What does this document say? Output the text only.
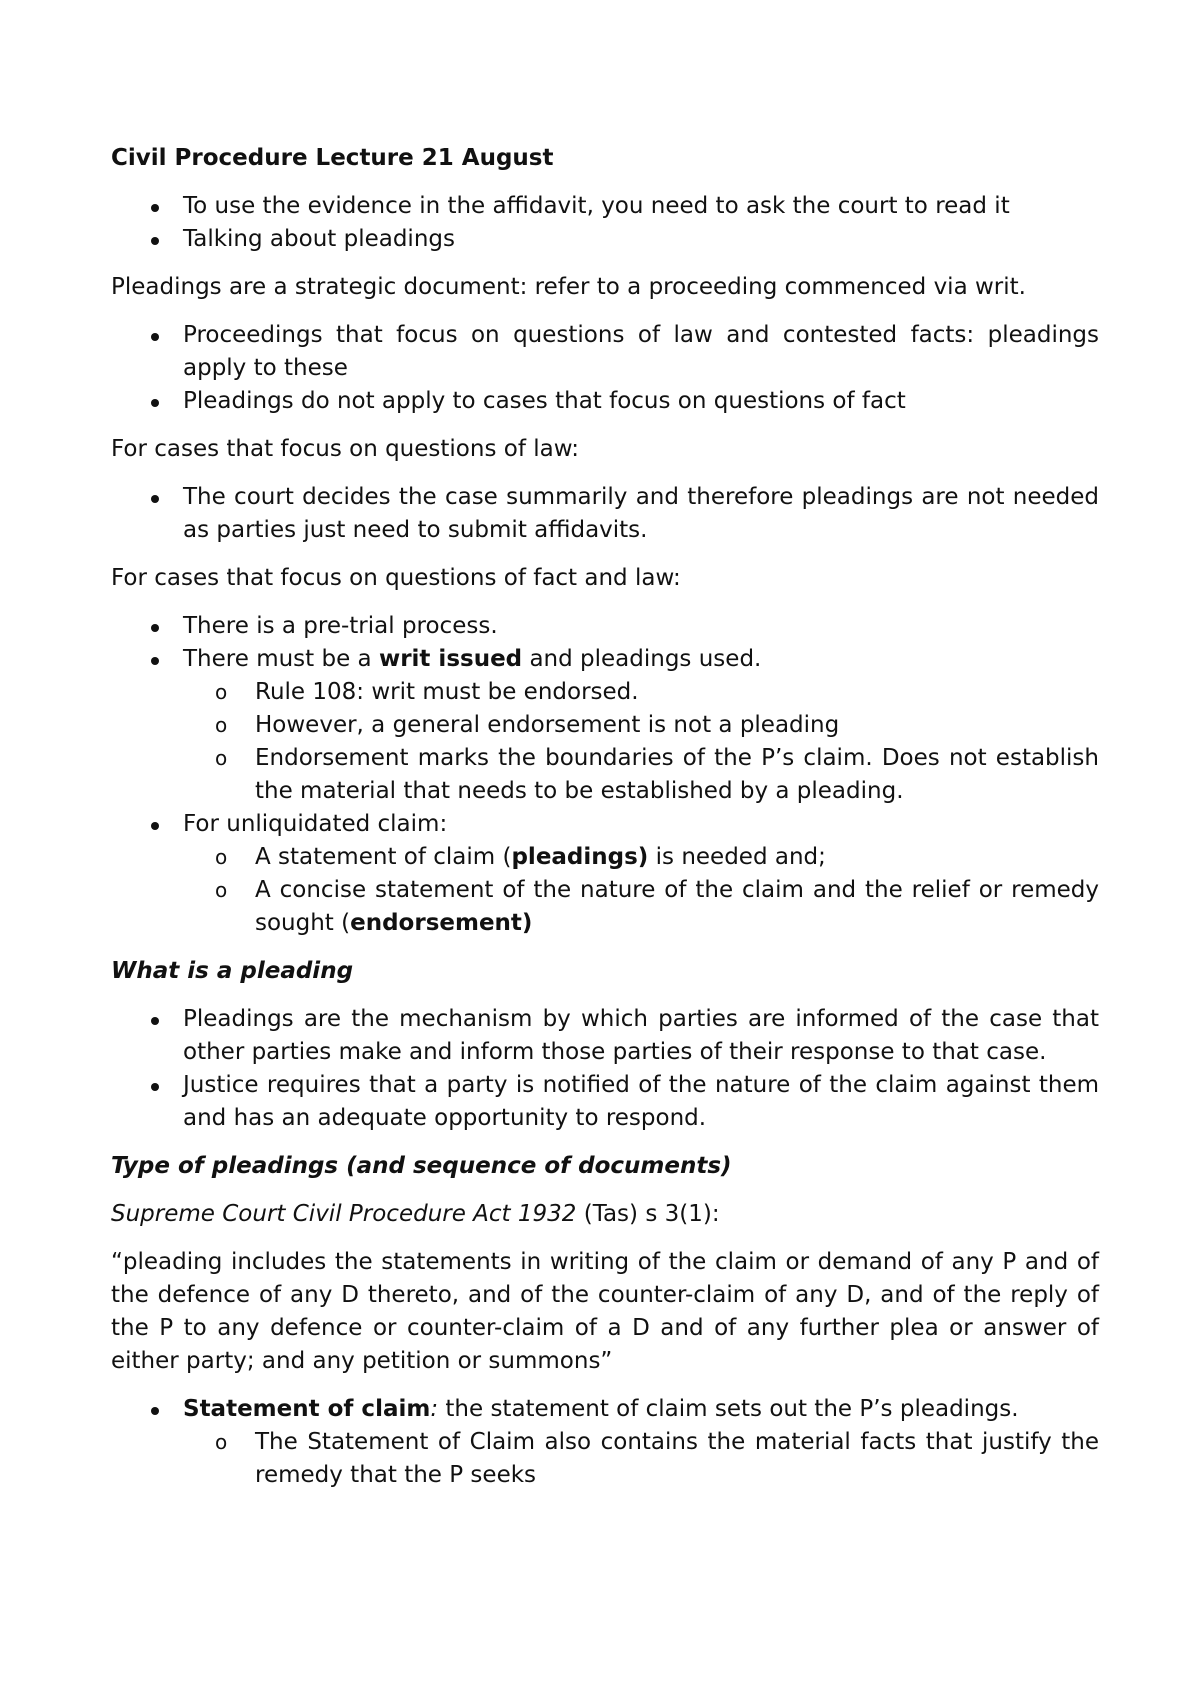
Civil Procedure Lecture 21 August
To use the evidence in the affidavit, you need to ask the court to read it
Talking about pleadings
Pleadings are a strategic document: refer to a proceeding commenced via writ.
Proceedings that focus on questions of law and contested facts: pleadings apply to these
Pleadings do not apply to cases that focus on questions of fact
For cases that focus on questions of law:
The court decides the case summarily and therefore pleadings are not needed as parties just need to submit affidavits.
For cases that focus on questions of fact and law:
There is a pre-trial process.
There must be a writ issued and pleadings used.
o Rule 108: writ must be endorsed.
o However, a general endorsement is not a pleading
o Endorsement marks the boundaries of the P’s claim. Does not establish the material that needs to be established by a pleading.
For unliquidated claim:
o A statement of claim (pleadings) is needed and;
o A concise statement of the nature of the claim and the relief or remedy sought (endorsement)
What is a pleading
Pleadings are the mechanism by which parties are informed of the case that other parties make and inform those parties of their response to that case.
Justice requires that a party is notified of the nature of the claim against them and has an adequate opportunity to respond.
Type of pleadings (and sequence of documents)
Supreme Court Civil Procedure Act 1932 (Tas) s 3(1):
“pleading includes the statements in writing of the claim or demand of any P and of the defence of any D thereto, and of the counter-claim of any D, and of the reply of the P to any defence or counter-claim of a D and of any further plea or answer of either party; and any petition or summons”
Statement of claim: the statement of claim sets out the P’s pleadings.
o The Statement of Claim also contains the material facts that justify the remedy that the P seeks
